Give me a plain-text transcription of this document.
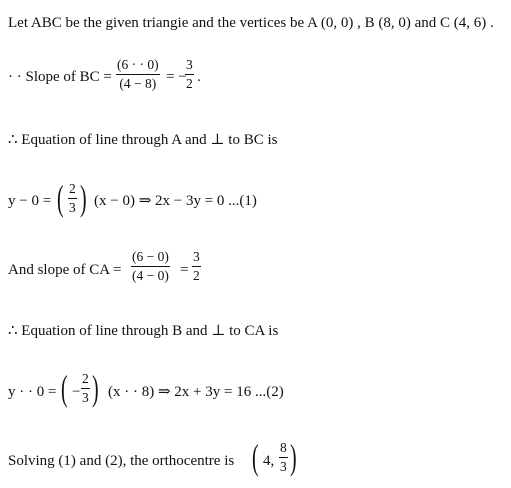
Let ABC be the given triangie and the vertices be A (0, 0) , B (8, 0) and C (4, 6) .
· · Slope of BC =
(6 · · 0)
(4 − 8) = −
3
2 .
∴ Equation of line through A and ⊥ to BC is
y − 0 = ( 2
3 ) (x − 0) ⇒ 2x − 3y = 0 ...(1)
And slope of CA =
(6 − 0)
(4 − 0) =
3
2
∴ Equation of line through B and ⊥ to CA is
y · · 0 = ( −
2
3 ) (x · · 8) ⇒ 2x + 3y = 16 ...(2)
Solving (1) and (2), the orthocentre is ( 4,
8
3 )
